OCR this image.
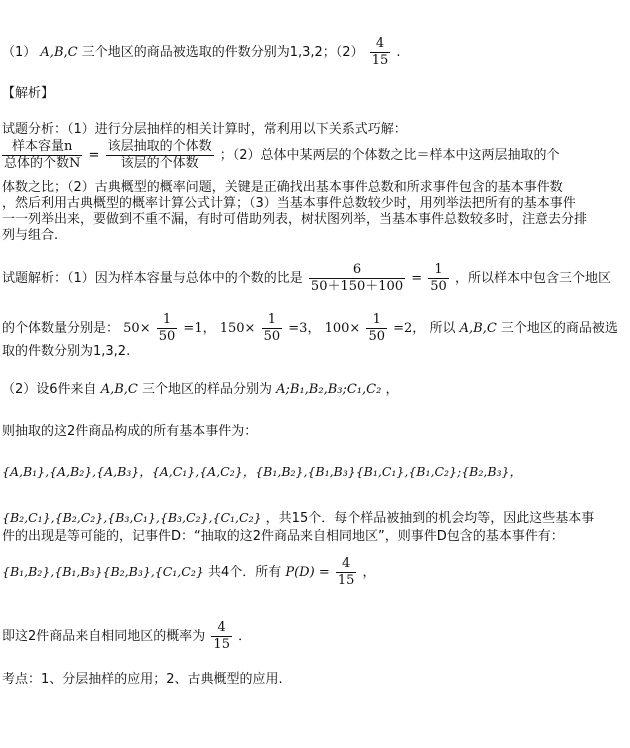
（1） A,B,C 三个地区的商品被选取的件数分别为1,3,2；$(2) \frac{4}{15}$ .
【解析】
试题分析：（1）进行分层抽样的相关计算时，常利用以下关系式巧解：
$\frac{\text{样本容量n}}{\text{总体的个数N}} = \frac{\text{该层抽取的个体数}}{\text{该层的个体数}}$ ；（2）总体中某两层的个体数之比＝样本中这两层抽取的个
体数之比；（2）古典概型的概率问题，关键是正确找出基本事件总数和所求事件包含的基本事件数
，然后利用古典概型的概率计算公式计算；（3）当基本事件总数较少时，用列举法把所有的基本事件
一一列举出来，要做到不重不漏，有时可借助列表，树状图列举，当基本事件总数较多时，注意去分排
列与组合.
试题解析：（1）因为样本容量与总体中的个数的比是 $\frac{6}{50+150+100} = \frac{1}{50}$ ，所以样本中包含三个地区
的个体数量分别是： $50\times \frac{1}{50} =1$， $150\times \frac{1}{50} =3$， $100\times \frac{1}{50} =2$， 所以 A,B,C 三个地区的商品被选
取的件数分别为1,3,2.
（2）设6件来自 A,B,C 三个地区的样品分别为 A;B₁,B₂,B₃;C₁,C₂ ，
则抽取的这2件商品构成的所有基本事件为：
{A,B₁},{A,B₂},{A,B₃}，{A,C₁},{A,C₂}，{B₁,B₂},{B₁,B₃}{B₁,C₁},{B₁,C₂};{B₂,B₃}，
{B₂,C₁},{B₂,C₂},{B₃,C₁},{B₃,C₂},{C₁,C₂} ，共15个．每个样品被抽到的机会均等，因此这些基本事
件的出现是等可能的，记事件D：“抽取的这2件商品来自相同地区”，则事件D包含的基本事件有：
{B₁,B₂},{B₁,B₃}{B₂,B₃},{C₁,C₂} 共4个．所有 $P(D) = \frac{4}{15}$ ，
即这2件商品来自相同地区的概率为 $\frac{4}{15}$ ．
考点：1、分层抽样的应用；2、古典概型的应用.
